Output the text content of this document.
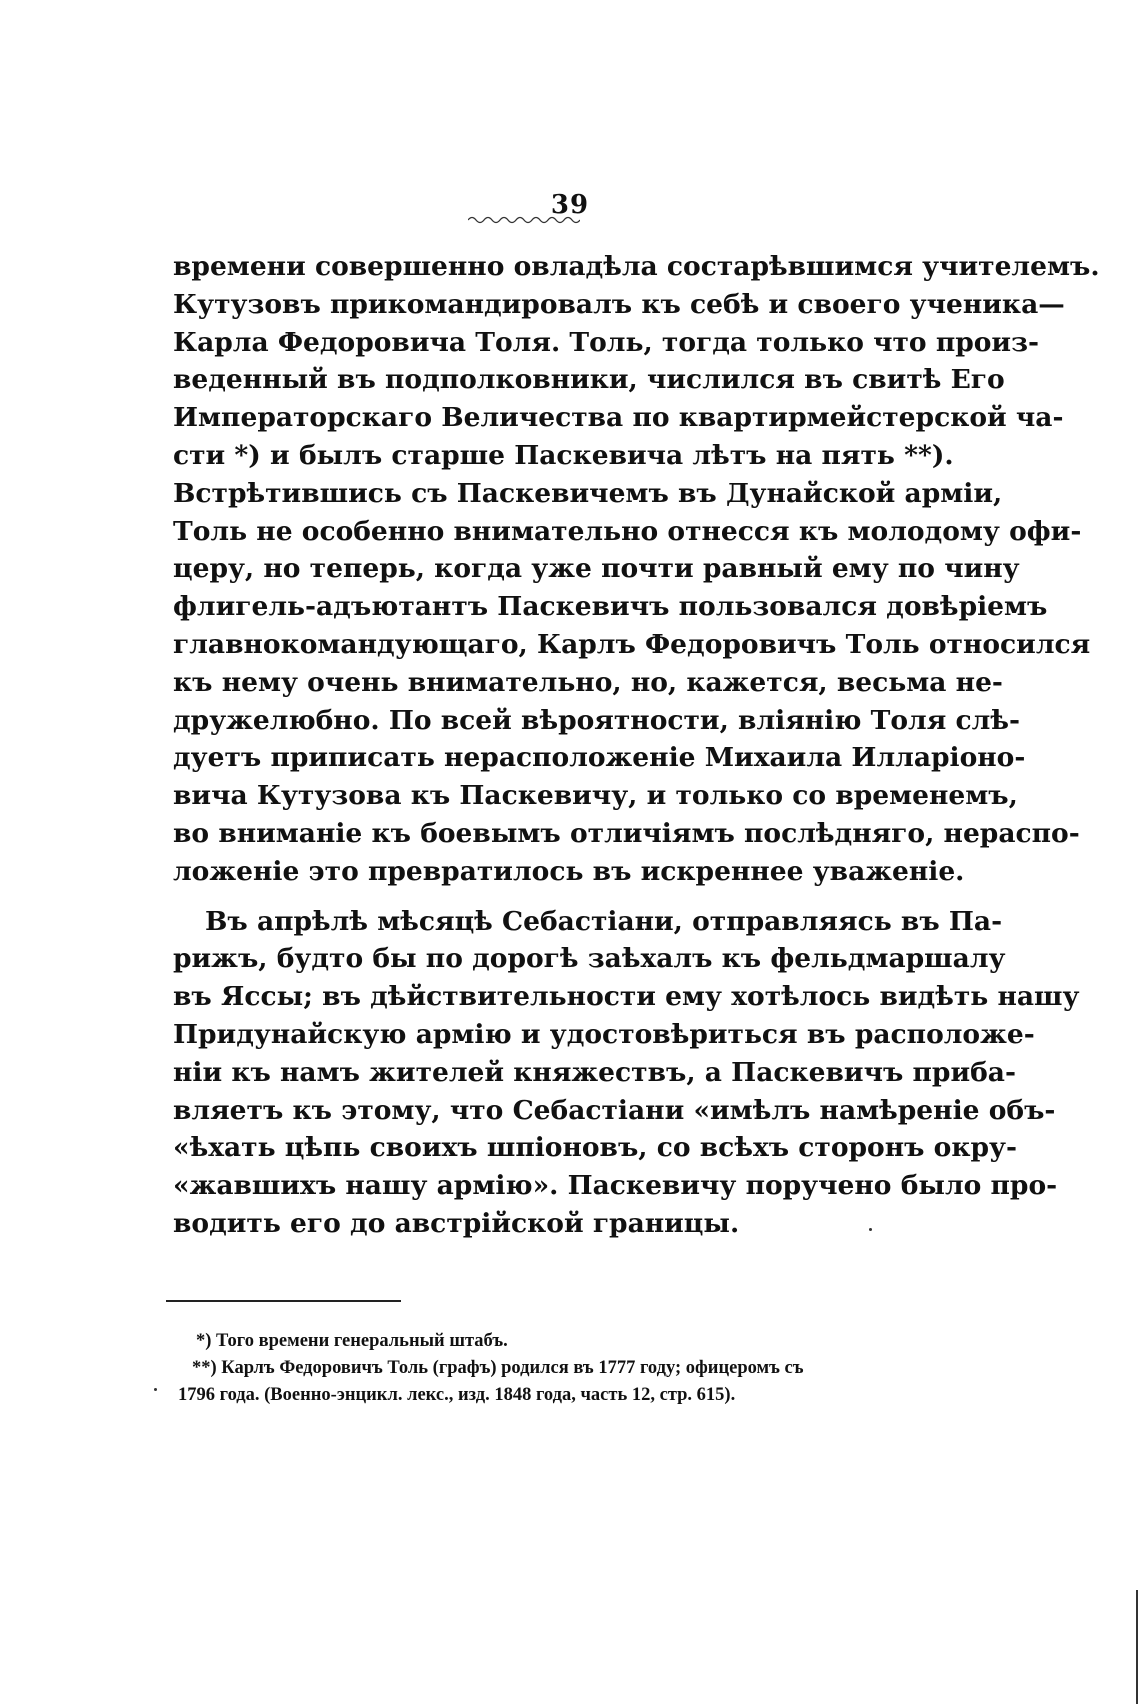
39
времени совершенно овладѣла состарѣвшимся учителемъ.
Кутузовъ прикомандировалъ къ себѣ и своего ученика—
Карла Федоровича Толя. Толь, тогда только что произ-
веденный въ подполковники, числился въ свитѣ Его
Императорскаго Величества по квартирмейстерской ча-
сти *) и былъ старше Паскевича лѣтъ на пять **).
Встрѣтившись съ Паскевичемъ въ Дунайской арміи,
Толь не особенно внимательно отнесся къ молодому офи-
церу, но теперь, когда уже почти равный ему по чину
флигель-адъютантъ Паскевичъ пользовался довѣріемъ
главнокомандующаго, Карлъ Федоровичъ Толь относился
къ нему очень внимательно, но, кажется, весьма не-
дружелюбно. По всей вѣроятности, вліянію Толя слѣ-
дуетъ приписать нерасположеніе Михаила Илларіоно-
вича Кутузова къ Паскевичу, и только со временемъ,
во вниманіе къ боевымъ отличіямъ послѣдняго, нераспо-
ложеніе это превратилось въ искреннее уваженіе.
Въ апрѣлѣ мѣсяцѣ Себастіани, отправляясь въ Па-
рижъ, будто бы по дорогѣ заѣхалъ къ фельдмаршалу
въ Яссы; въ дѣйствительности ему хотѣлось видѣть нашу
Придунайскую армію и удостовѣриться въ расположе-
ніи къ намъ жителей княжествъ, а Паскевичъ приба-
вляетъ къ этому, что Себастіани «имѣлъ намѣреніе объ-
«ѣхать цѣпь своихъ шпіоновъ, со всѣхъ сторонъ окру-
«жавшихъ нашу армію». Паскевичу поручено было про-
водить его до австрійской границы.
*) Того времени генеральный штабъ.
**) Карлъ Федоровичъ Толь (графъ) родился въ 1777 году; офицеромъ съ
1796 года. (Военно-энцикл. лекс., изд. 1848 года, часть 12, стр. 615).
